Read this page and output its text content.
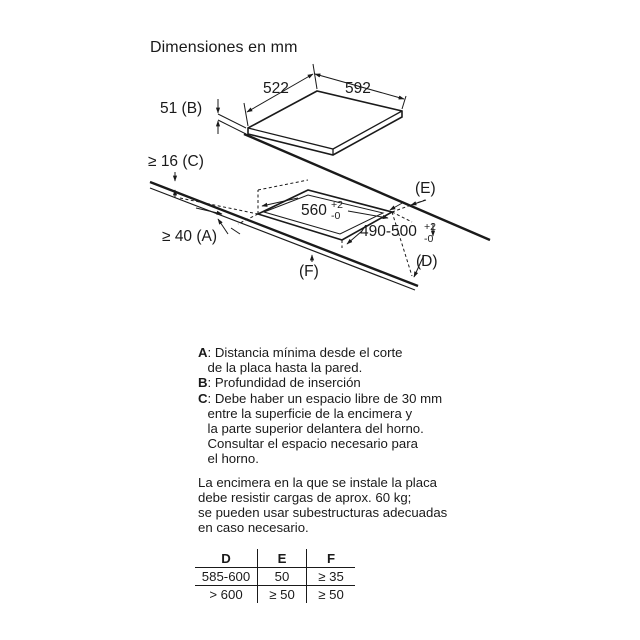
Dimensiones en mm
522	592
51 (B)
≥ 16 (C)
≥ 40 (A)
(E)
(F)
(D)
560 +2
-0
490-500 +2
-0
A : Distancia mínima desde el corte
de la placa hasta la pared.
B : Profundidad de inserción
C : Debe haber un espacio libre de 30 mm
entre la superficie de la encimera y
la parte superior delantera del horno.
Consultar el espacio necesario para
el horno.
La encimera en la que se instale la placa
debe resistir cargas de aprox. 60 kg;
se pueden usar subestructuras adecuadas
en caso necesario.
D	E	F
585-600	50	≥ 35
> 600	≥ 50	≥ 50
